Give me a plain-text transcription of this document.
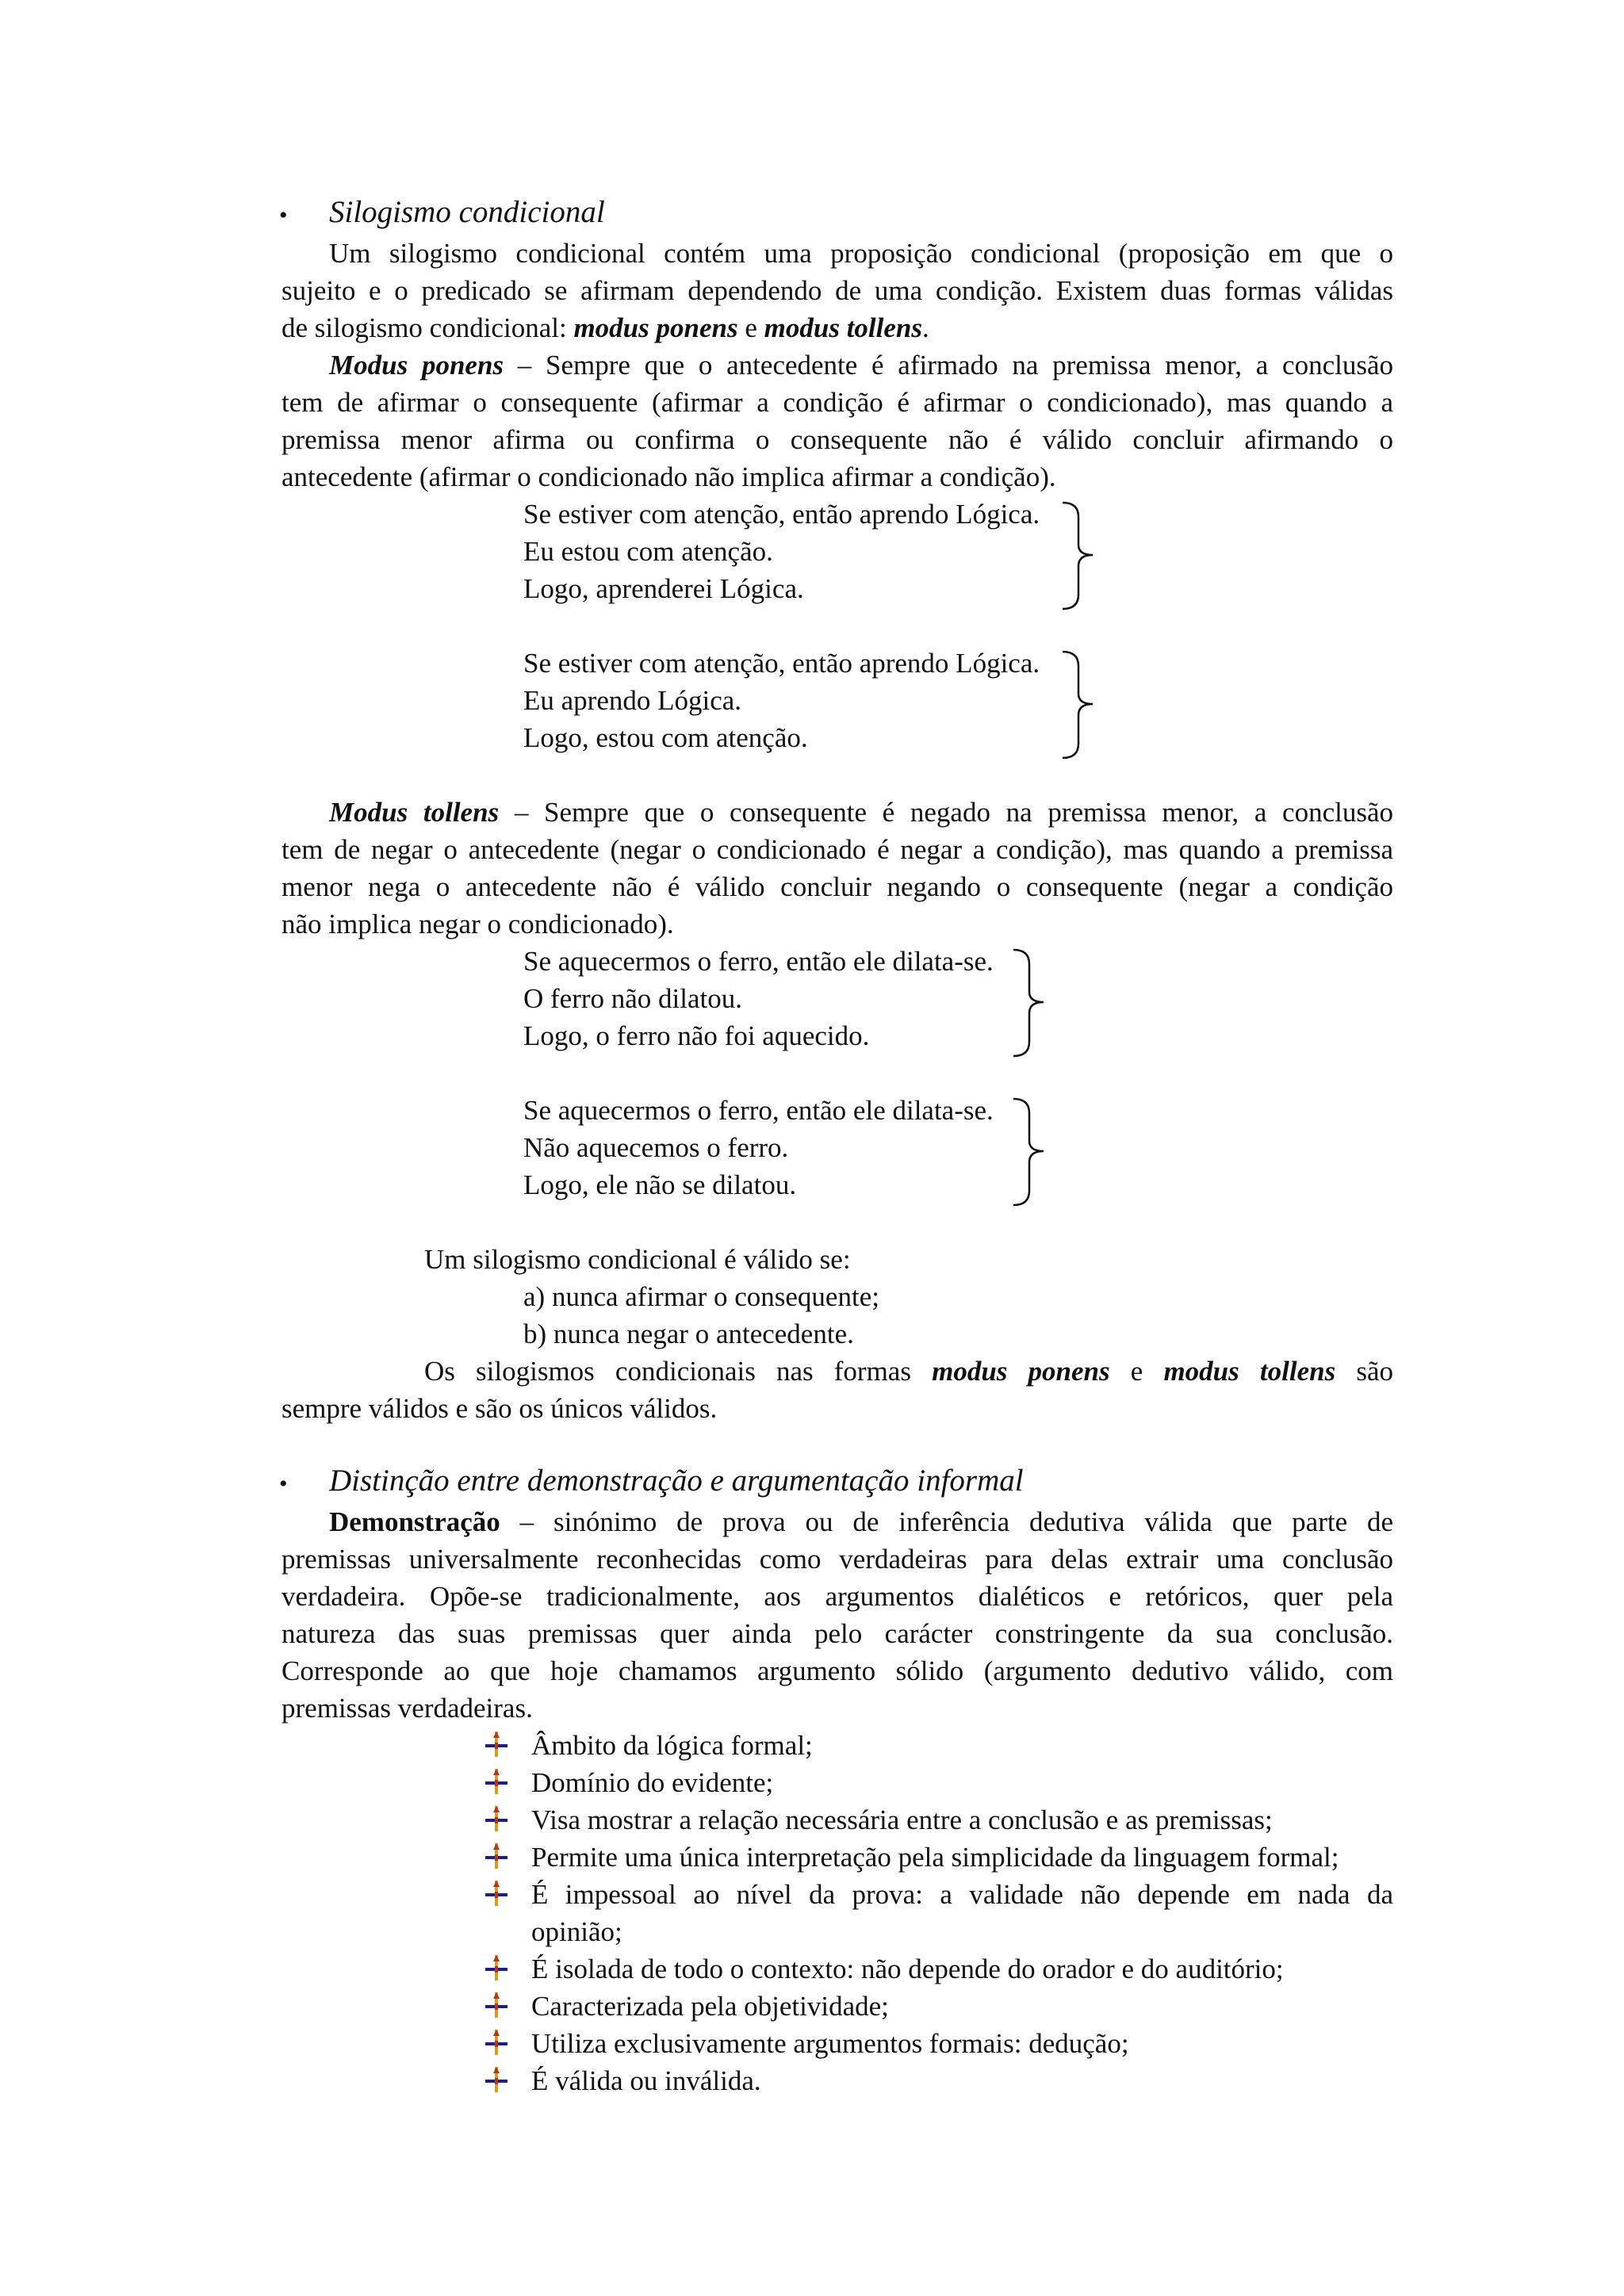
• Silogismo condicional
Um silogismo condicional contém uma proposição condicional (proposição em que o
sujeito e o predicado se afirmam dependendo de uma condição. Existem duas formas válidas
de silogismo condicional: modus ponens e modus tollens.
Modus ponens – Sempre que o antecedente é afirmado na premissa menor, a conclusão
tem de afirmar o consequente (afirmar a condição é afirmar o condicionado), mas quando a
premissa menor afirma ou confirma o consequente não é válido concluir afirmando o
antecedente (afirmar o condicionado não implica afirmar a condição).
Se estiver com atenção, então aprendo Lógica.
Eu estou com atenção.
Logo, aprenderei Lógica.
Se estiver com atenção, então aprendo Lógica.
Eu aprendo Lógica.
Logo, estou com atenção.
Modus tollens – Sempre que o consequente é negado na premissa menor, a conclusão
tem de negar o antecedente (negar o condicionado é negar a condição), mas quando a premissa
menor nega o antecedente não é válido concluir negando o consequente (negar a condição
não implica negar o condicionado).
Se aquecermos o ferro, então ele dilata-se.
O ferro não dilatou.
Logo, o ferro não foi aquecido.
Se aquecermos o ferro, então ele dilata-se.
Não aquecemos o ferro.
Logo, ele não se dilatou.
Um silogismo condicional é válido se:
a) nunca afirmar o consequente;
b) nunca negar o antecedente.
Os silogismos condicionais nas formas modus ponens e modus tollens são
sempre válidos e são os únicos válidos.
• Distinção entre demonstração e argumentação informal
Demonstração – sinónimo de prova ou de inferência dedutiva válida que parte de
premissas universalmente reconhecidas como verdadeiras para delas extrair uma conclusão
verdadeira. Opõe-se tradicionalmente, aos argumentos dialéticos e retóricos, quer pela
natureza das suas premissas quer ainda pelo carácter constringente da sua conclusão.
Corresponde ao que hoje chamamos argumento sólido (argumento dedutivo válido, com
premissas verdadeiras.
Âmbito da lógica formal;
Domínio do evidente;
Visa mostrar a relação necessária entre a conclusão e as premissas;
Permite uma única interpretação pela simplicidade da linguagem formal;
É impessoal ao nível da prova: a validade não depende em nada da
opinião;
É isolada de todo o contexto: não depende do orador e do auditório;
Caracterizada pela objetividade;
Utiliza exclusivamente argumentos formais: dedução;
É válida ou inválida.
